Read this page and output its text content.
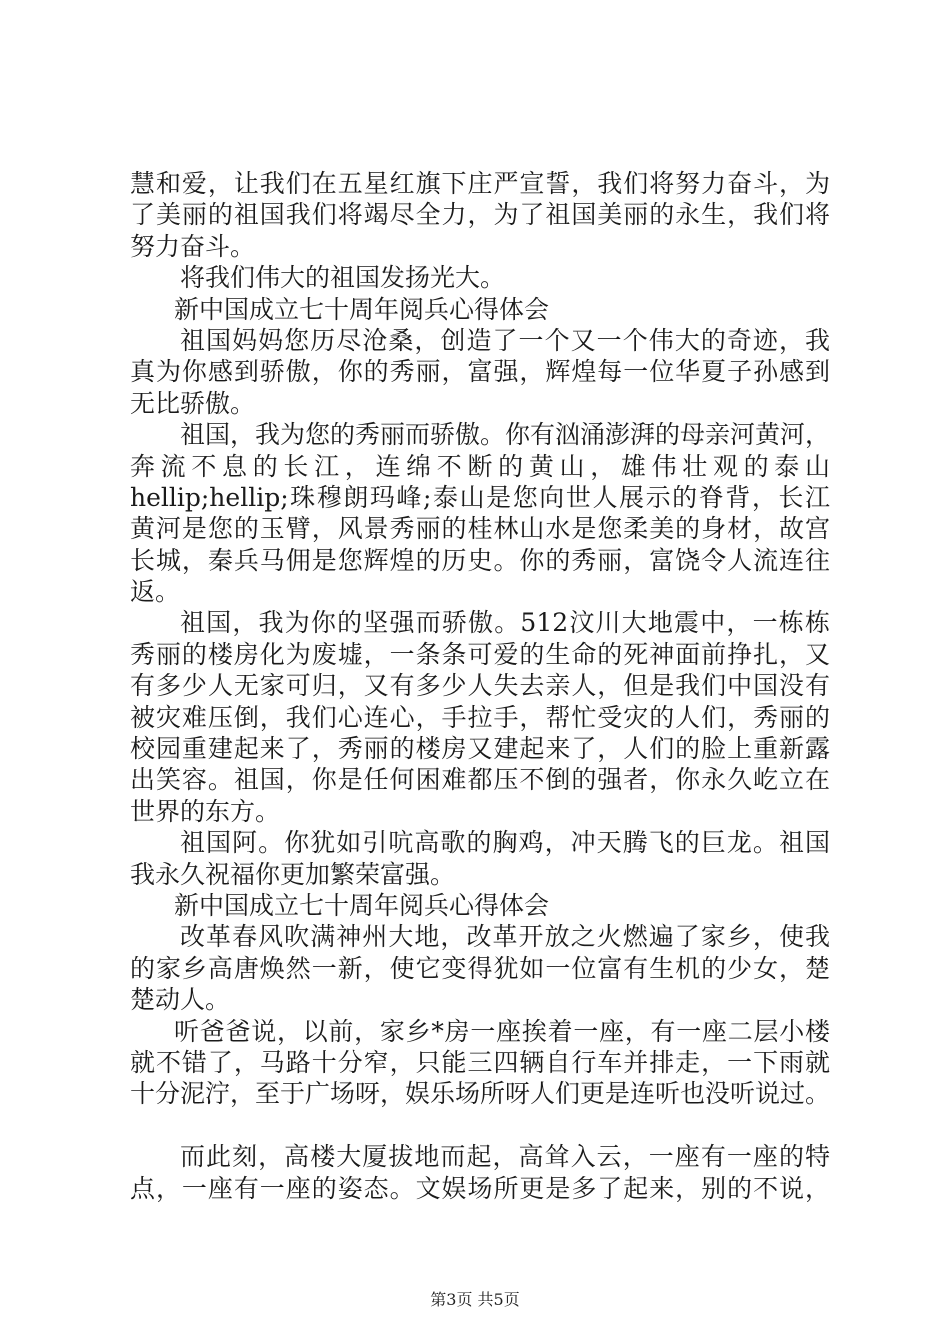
慧和爱，让我们在五星红旗下庄严宣誓，我们将努力奋斗，为
了美丽的祖国我们将竭尽全力，为了祖国美丽的永生，我们将
努力奋斗。
将我们伟大的祖国发扬光大。
新中国成立七十周年阅兵心得体会
祖国妈妈您历尽沧桑，创造了一个又一个伟大的奇迹，我
真为你感到骄傲，你的秀丽，富强，辉煌每一位华夏子孙感到
无比骄傲。
祖国，我为您的秀丽而骄傲。你有汹涌澎湃的母亲河黄河，
奔流不息的长江，连绵不断的黄山，雄伟壮观的泰山
hellip;hellip;珠穆朗玛峰;泰山是您向世人展示的脊背，长江
黄河是您的玉臂，风景秀丽的桂林山水是您柔美的身材，故宫
长城，秦兵马佣是您辉煌的历史。你的秀丽，富饶令人流连往
返。
祖国，我为你的坚强而骄傲。512汶川大地震中，一栋栋
秀丽的楼房化为废墟，一条条可爱的生命的死神面前挣扎，又
有多少人无家可归，又有多少人失去亲人，但是我们中国没有
被灾难压倒，我们心连心，手拉手，帮忙受灾的人们，秀丽的
校园重建起来了，秀丽的楼房又建起来了，人们的脸上重新露
出笑容。祖国，你是任何困难都压不倒的强者，你永久屹立在
世界的东方。
祖国阿。你犹如引吭高歌的胸鸡，冲天腾飞的巨龙。祖国
我永久祝福你更加繁荣富强。
新中国成立七十周年阅兵心得体会
改革春风吹满神州大地，改革开放之火燃遍了家乡，使我
的家乡高唐焕然一新，使它变得犹如一位富有生机的少女，楚
楚动人。
听爸爸说，以前，家乡*房一座挨着一座，有一座二层小楼
就不错了，马路十分窄，只能三四辆自行车并排走，一下雨就
十分泥泞，至于广场呀，娱乐场所呀人们更是连听也没听说过。
而此刻，高楼大厦拔地而起，高耸入云，一座有一座的特
点，一座有一座的姿态。文娱场所更是多了起来，别的不说，
第3页 共5页
